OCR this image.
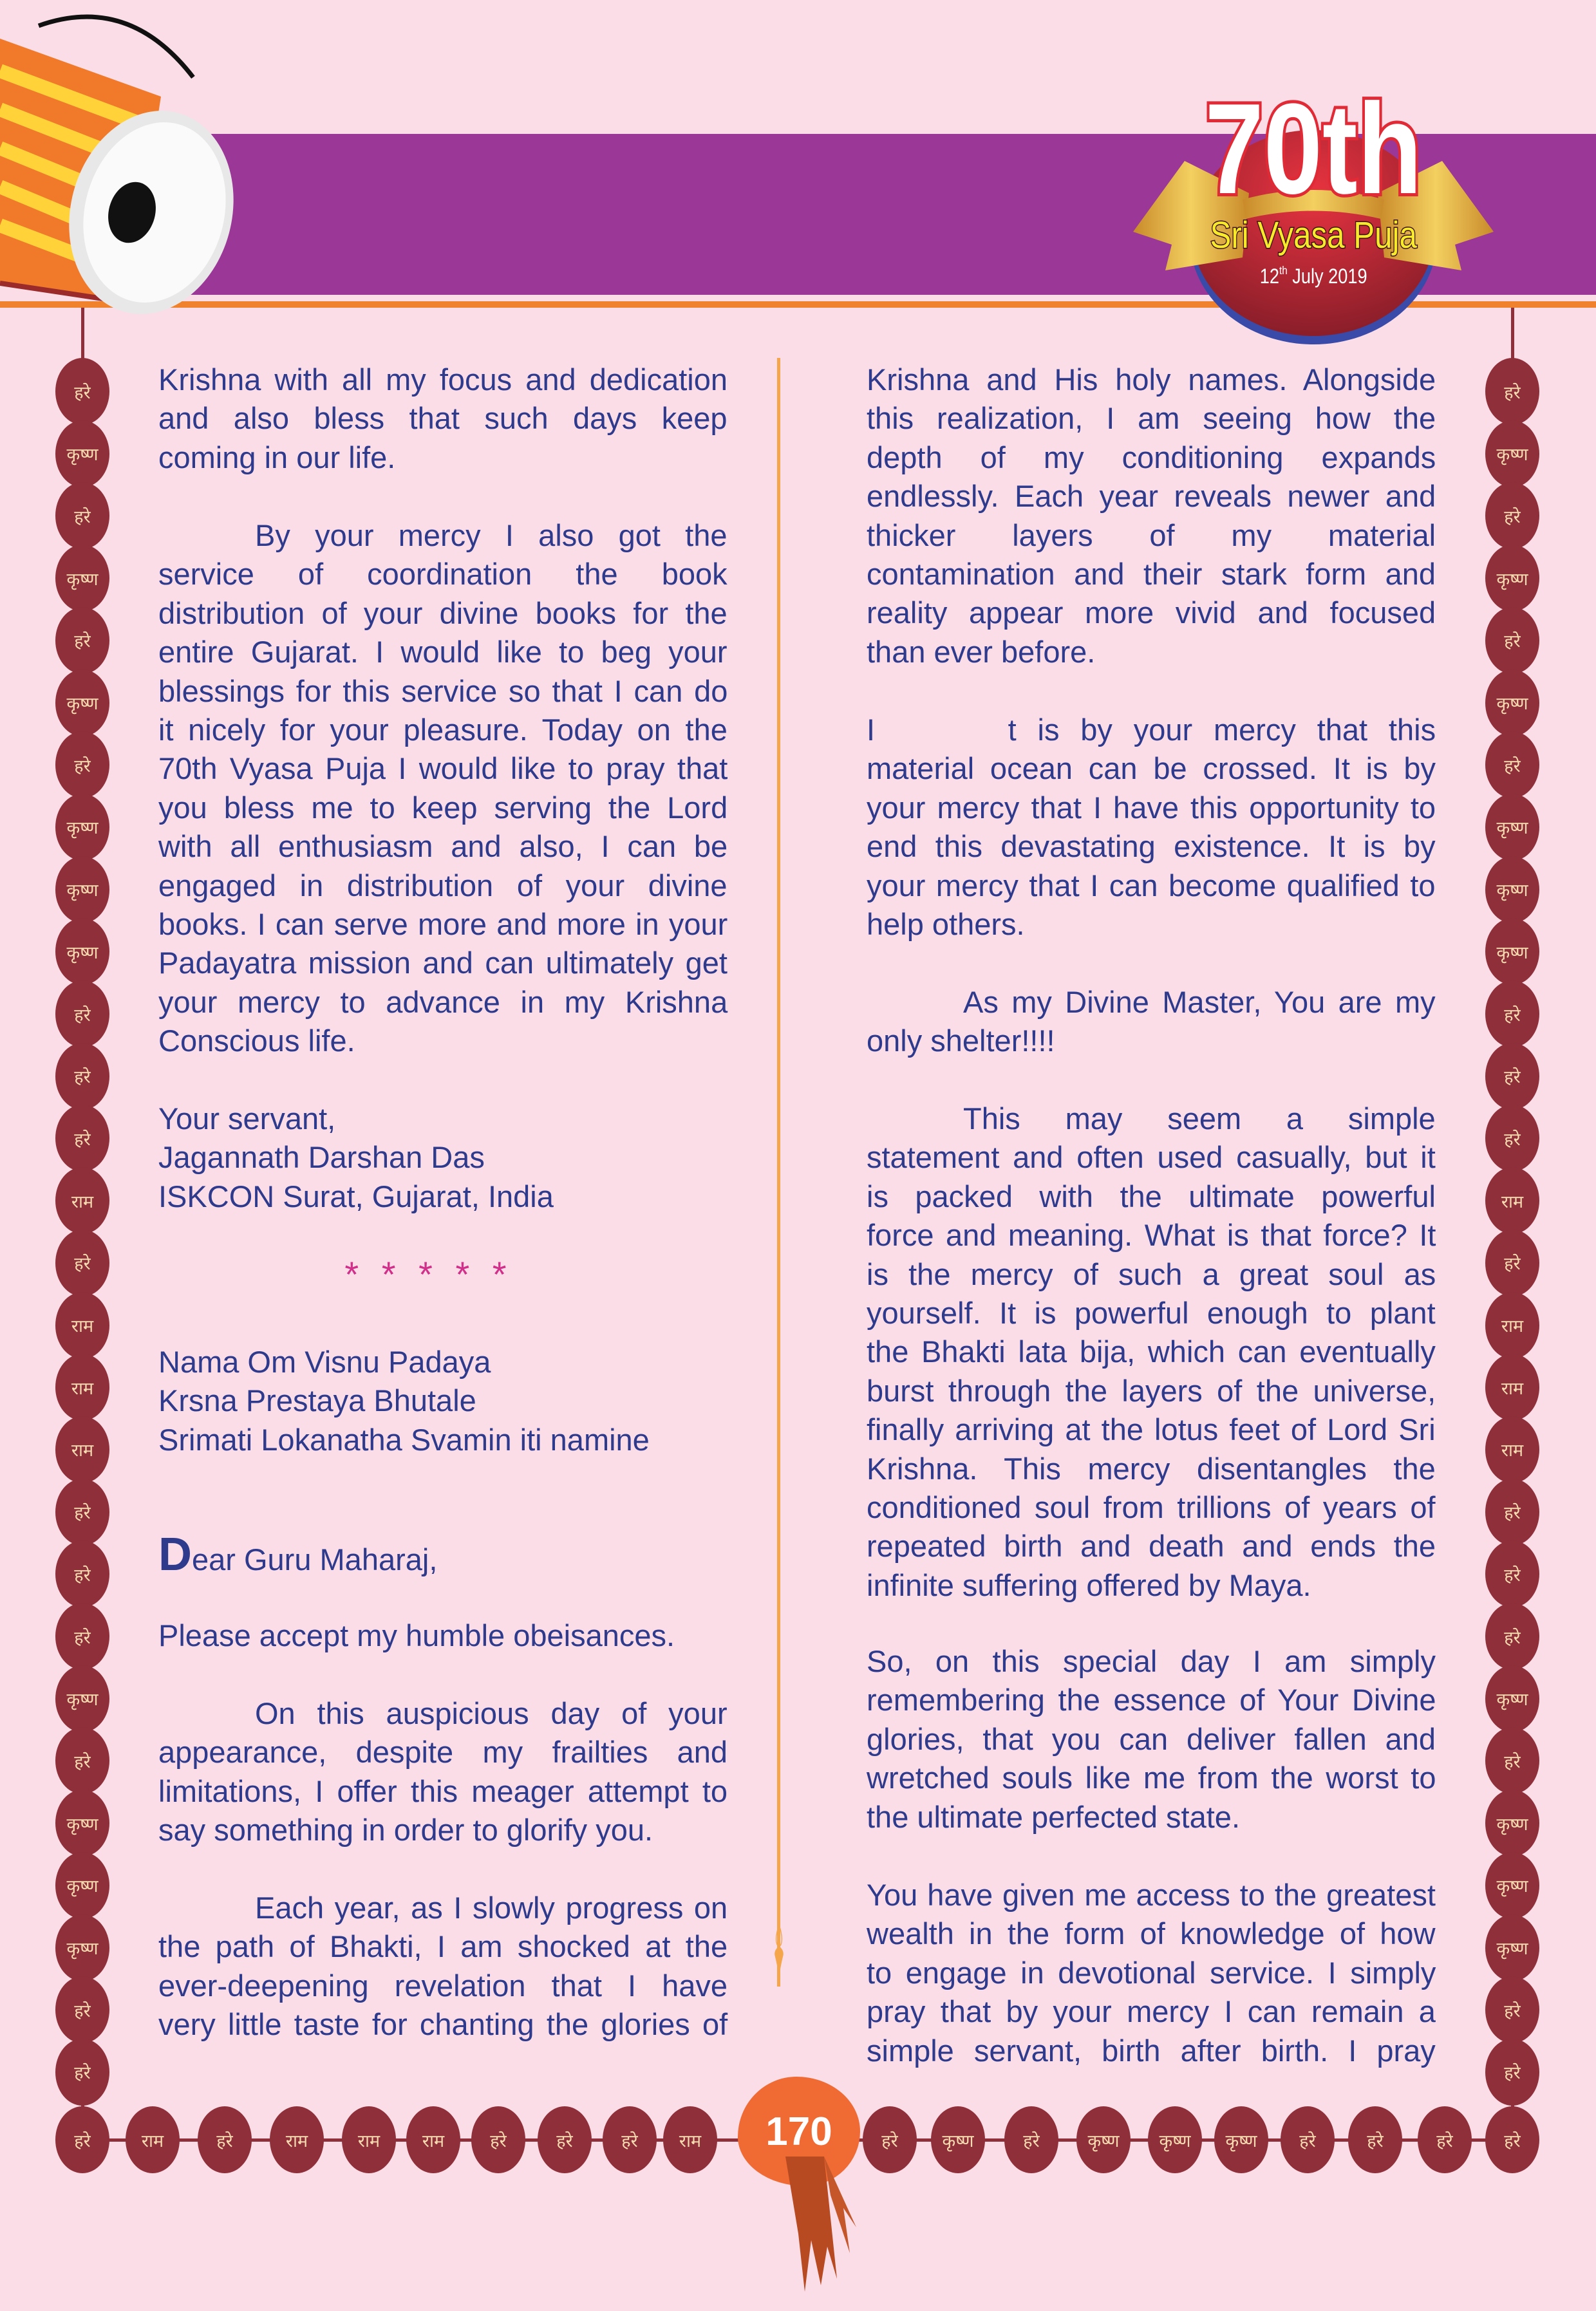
70th
Sri Vyasa Puja
12th July 2019
हरे
कृष्ण
हरे
कृष्ण
हरे
कृष्ण
हरे
कृष्ण
कृष्ण
कृष्ण
हरे
हरे
हरे
राम
हरे
राम
राम
राम
हरे
हरे
हरे
कृष्ण
हरे
कृष्ण
कृष्ण
कृष्ण
हरे
हरे
हरे
कृष्ण
हरे
कृष्ण
हरे
कृष्ण
हरे
कृष्ण
कृष्ण
कृष्ण
हरे
हरे
हरे
राम
हरे
राम
राम
राम
हरे
हरे
हरे
कृष्ण
हरे
कृष्ण
कृष्ण
कृष्ण
हरे
हरे
हरे	राम	हरे	राम	राम	राम	हरे	हरे	हरे	राम	हरे	कृष्ण	हरे	कृष्ण	कृष्ण	कृष्ण	हरे	हरे	हरे	हरे
170
Krishna with all my focus and dedication
and also bless that such days keep
coming in our life.
By your mercy I also got the
service of coordination the book
distribution of your divine books for the
entire Gujarat. I would like to beg your
blessings for this service so that I can do
it nicely for your pleasure. Today on the
70th Vyasa Puja I would like to pray that
you bless me to keep serving the Lord
with all enthusiasm and also, I can be
engaged in distribution of your divine
books. I can serve more and more in your
Padayatra mission and can ultimately get
your mercy to advance in my Krishna
Conscious life.
Your servant,
Jagannath Darshan Das
ISKCON Surat, Gujarat, India
* * * * *
Nama Om Visnu Padaya
Krsna Prestaya Bhutale
Srimati Lokanatha Svamin iti namine
Dear Guru Maharaj,
Please accept my humble obeisances.
On this auspicious day of your
appearance, despite my frailties and
limitations, I offer this meager attempt to
say something in order to glorify you.
Each year, as I slowly progress on
the path of Bhakti, I am shocked at the
ever-deepening revelation that I have
very little taste for chanting the glories of
Krishna and His holy names. Alongside
this realization, I am seeing how the
depth of my conditioning expands
endlessly. Each year reveals newer and
thicker layers of my material
contamination and their stark form and
reality appear more vivid and focused
than ever before.
I     t is by your mercy that this
material ocean can be crossed. It is by
your mercy that I have this opportunity to
end this devastating existence. It is by
your mercy that I can become qualified to
help others.
As my Divine Master, You are my
only shelter!!!!
This may seem a simple
statement and often used casually, but it
is packed with the ultimate powerful
force and meaning. What is that force? It
is the mercy of such a great soul as
yourself. It is powerful enough to plant
the Bhakti lata bija, which can eventually
burst through the layers of the universe,
finally arriving at the lotus feet of Lord Sri
Krishna. This mercy disentangles the
conditioned soul from trillions of years of
repeated birth and death and ends the
infinite suffering offered by Maya.
So, on this special day I am simply
remembering the essence of Your Divine
glories, that you can deliver fallen and
wretched souls like me from the worst to
the ultimate perfected state.
You have given me access to the greatest
wealth in the form of knowledge of how
to engage in devotional service. I simply
pray that by your mercy I can remain a
simple servant, birth after birth. I pray
